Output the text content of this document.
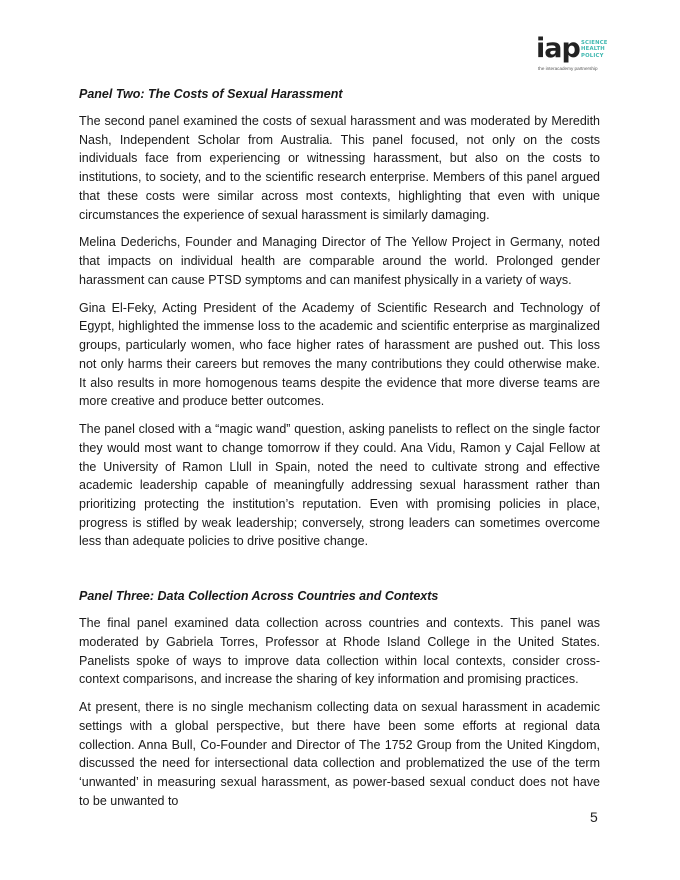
iap SCIENCE
HEALTH
POLICY
the interacademy partnership
Panel Two: The Costs of Sexual Harassment

The second panel examined the costs of sexual harassment and was moderated by Meredith Nash, Independent Scholar from Australia. This panel focused, not only on the costs individuals face from experiencing or witnessing harassment, but also on the costs to institutions, to society, and to the scientific research enterprise. Members of this panel argued that these costs were similar across most contexts, highlighting that even with unique circumstances the experience of sexual harassment is similarly damaging.

Melina Dederichs, Founder and Managing Director of The Yellow Project in Germany, noted that impacts on individual health are comparable around the world. Prolonged gender harassment can cause PTSD symptoms and can manifest physically in a variety of ways.

Gina El-Feky, Acting President of the Academy of Scientific Research and Technology of Egypt, highlighted the immense loss to the academic and scientific enterprise as marginalized groups, particularly women, who face higher rates of harassment are pushed out. This loss not only harms their careers but removes the many contributions they could otherwise make. It also results in more homogenous teams despite the evidence that more diverse teams are more creative and produce better outcomes.

The panel closed with a “magic wand” question, asking panelists to reflect on the single factor they would most want to change tomorrow if they could. Ana Vidu, Ramon y Cajal Fellow at the University of Ramon Llull in Spain, noted the need to cultivate strong and effective academic leadership capable of meaningfully addressing sexual harassment rather than prioritizing protecting the institution’s reputation. Even with promising policies in place, progress is stifled by weak leadership; conversely, strong leaders can sometimes overcome less than adequate policies to drive positive change.

Panel Three: Data Collection Across Countries and Contexts

The final panel examined data collection across countries and contexts. This panel was moderated by Gabriela Torres, Professor at Rhode Island College in the United States. Panelists spoke of ways to improve data collection within local contexts, consider cross-context comparisons, and increase the sharing of key information and promising practices.

At present, there is no single mechanism collecting data on sexual harassment in academic settings with a global perspective, but there have been some efforts at regional data collection. Anna Bull, Co-Founder and Director of The 1752 Group from the United Kingdom, discussed the need for intersectional data collection and problematized the use of the term ‘unwanted’ in measuring sexual harassment, as power-based sexual conduct does not have to be unwanted to

5
